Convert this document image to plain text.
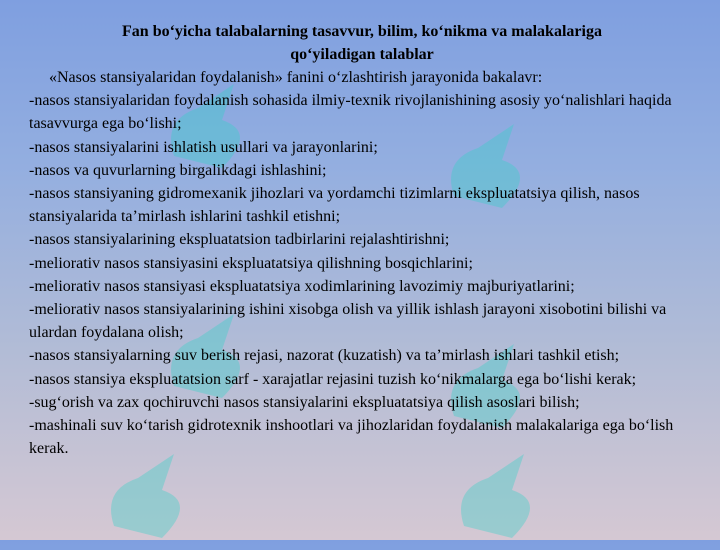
Fan bo‘yicha talabalarning tasavvur, bilim, ko‘nikma va malakalariga
qo‘yiladigan talablar

«Nasos stansiyalaridan foydalanish» fanini o‘zlashtirish jarayonida bakalavr:

-nasos stansiyalaridan foydalanish sohasida ilmiy-texnik rivojlanishining asosiy yo‘nalishlari haqida tasavvurga ega bo‘lishi;

-nasos stansiyalarini ishlatish usullari va jarayonlarini;

-nasos va quvurlarning birgalikdagi ishlashini;

-nasos stansiyaning gidromexanik jihozlari va yordamchi tizimlarni ekspluatatsiya qilish, nasos stansiyalarida ta’mirlash ishlarini tashkil etishni;

-nasos stansiyalarining ekspluatatsion tadbirlarini rejalashtirishni;

-meliorativ nasos stansiyasini ekspluatatsiya qilishning bosqichlarini;

-meliorativ nasos stansiyasi ekspluatatsiya xodimlarining lavozimiy majburiyatlarini;

-meliorativ nasos stansiyalarining ishini xisobga olish va yillik ishlash jarayoni xisobotini bilishi va ulardan foydalana olish;

-nasos stansiyalarning suv berish rejasi, nazorat (kuzatish) va ta’mirlash ishlari tashkil etish;

-nasos stansiya ekspluatatsion sarf - xarajatlar rejasini tuzish ko‘nikmalarga ega bo‘lishi kerak;

-sug‘orish va zax qochiruvchi nasos stansiyalarini ekspluatatsiya qilish asoslari bilish;

-mashinali suv ko‘tarish gidrotexnik inshootlari va jihozlaridan foydalanish malakalariga ega bo‘lish kerak.
